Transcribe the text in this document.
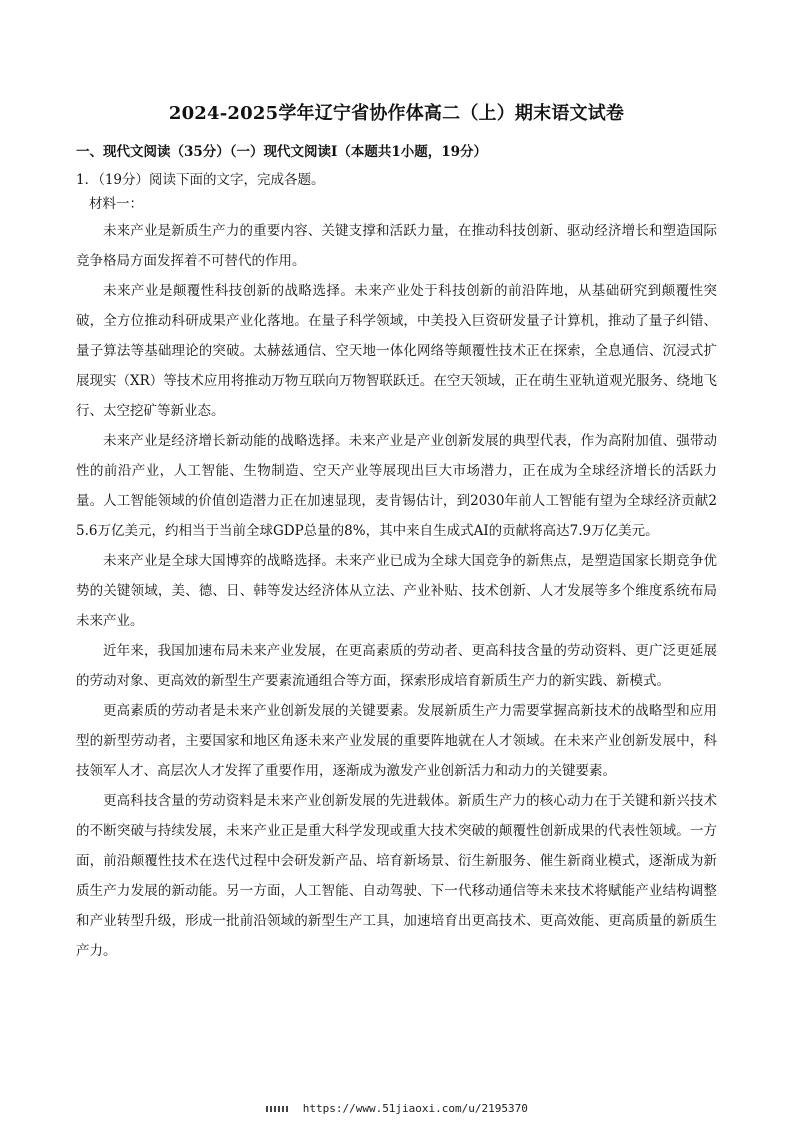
2024-2025学年辽宁省协作体高二（上）期末语文试卷

一、现代文阅读（35分）（一）现代文阅读Ⅰ（本题共1小题，19分）

1．（19分）阅读下面的文字，完成各题。

材料一：

未来产业是新质生产力的重要内容、关键支撑和活跃力量，在推动科技创新、驱动经济增长和塑造国际竞争格局方面发挥着不可替代的作用。

未来产业是颠覆性科技创新的战略选择。未来产业处于科技创新的前沿阵地，从基础研究到颠覆性突破，全方位推动科研成果产业化落地。在量子科学领域，中美投入巨资研发量子计算机，推动了量子纠错、量子算法等基础理论的突破。太赫兹通信、空天地一体化网络等颠覆性技术正在探索，全息通信、沉浸式扩展现实（XR）等技术应用将推动万物互联向万物智联跃迁。在空天领域，正在萌生亚轨道观光服务、绕地飞行、太空挖矿等新业态。

未来产业是经济增长新动能的战略选择。未来产业是产业创新发展的典型代表，作为高附加值、强带动性的前沿产业，人工智能、生物制造、空天产业等展现出巨大市场潜力，正在成为全球经济增长的活跃力量。人工智能领域的价值创造潜力正在加速显现，麦肯锡估计，到2030年前人工智能有望为全球经济贡献25.6万亿美元，约相当于当前全球GDP总量的8%，其中来自生成式AI的贡献将高达7.9万亿美元。

未来产业是全球大国博弈的战略选择。未来产业已成为全球大国竞争的新焦点，是塑造国家长期竞争优势的关键领域，美、德、日、韩等发达经济体从立法、产业补贴、技术创新、人才发展等多个维度系统布局未来产业。

近年来，我国加速布局未来产业发展，在更高素质的劳动者、更高科技含量的劳动资料、更广泛更延展的劳动对象、更高效的新型生产要素流通组合等方面，探索形成培育新质生产力的新实践、新模式。

更高素质的劳动者是未来产业创新发展的关键要素。发展新质生产力需要掌握高新技术的战略型和应用型的新型劳动者，主要国家和地区角逐未来产业发展的重要阵地就在人才领域。在未来产业创新发展中，科技领军人才、高层次人才发挥了重要作用，逐渐成为激发产业创新活力和动力的关键要素。

更高科技含量的劳动资料是未来产业创新发展的先进载体。新质生产力的核心动力在于关键和新兴技术的不断突破与持续发展，未来产业正是重大科学发现或重大技术突破的颠覆性创新成果的代表性领域。一方面，前沿颠覆性技术在迭代过程中会研发新产品、培育新场景、衍生新服务、催生新商业模式，逐渐成为新质生产力发展的新动能。另一方面，人工智能、自动驾驶、下一代移动通信等未来技术将赋能产业结构调整和产业转型升级，形成一批前沿领域的新型生产工具，加速培育出更高技术、更高效能、更高质量的新质生产力。

https://www.51jiaoxi.com/u/2195370
